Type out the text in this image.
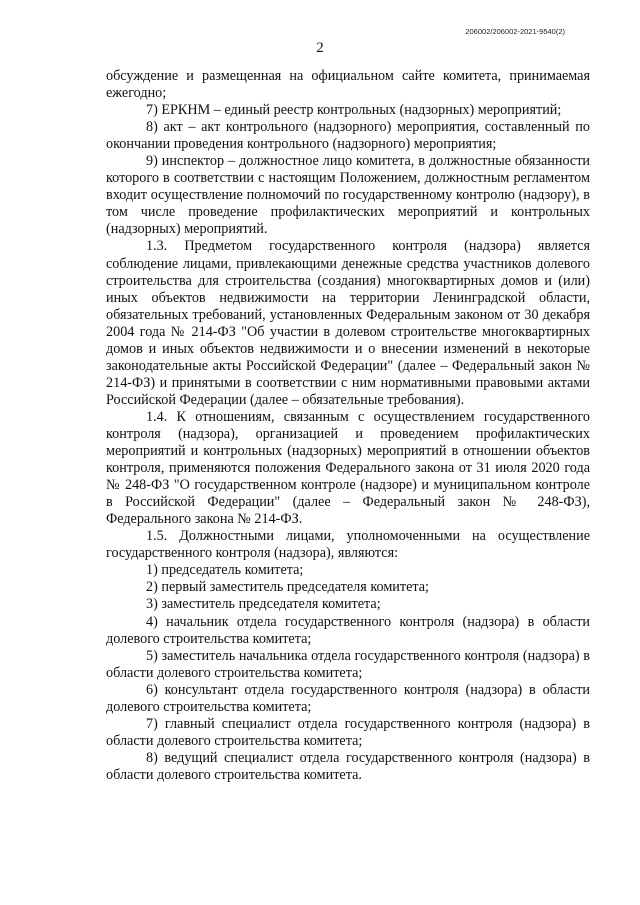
206002/206002-2021-9540(2)
2

обсуждение и размещенная на официальном сайте комитета, принимаемая ежегодно;

7) ЕРКНМ – единый реестр контрольных (надзорных) мероприятий;

8) акт – акт контрольного (надзорного) мероприятия, составленный по окончании проведения контрольного (надзорного) мероприятия;

9) инспектор – должностное лицо комитета, в должностные обязанности которого в соответствии с настоящим Положением, должностным регламентом входит осуществление полномочий по государственному контролю (надзору), в том числе проведение профилактических мероприятий и контрольных (надзорных) мероприятий.

1.3. Предметом государственного контроля (надзора) является соблюдение лицами, привлекающими денежные средства участников долевого строительства для строительства (создания) многоквартирных домов и (или) иных объектов недвижимости на территории Ленинградской области, обязательных требований, установленных Федеральным законом от 30 декабря 2004 года № 214-ФЗ "Об участии в долевом строительстве многоквартирных домов и иных объектов недвижимости и о внесении изменений в некоторые законодательные акты Российской Федерации" (далее – Федеральный закон № 214-ФЗ) и принятыми в соответствии с ним нормативными правовыми актами Российской Федерации (далее – обязательные требования).

1.4. К отношениям, связанным с осуществлением государственного контроля (надзора), организацией и проведением профилактических мероприятий и контрольных (надзорных) мероприятий в отношении объектов контроля, применяются положения Федерального закона от 31 июля 2020 года № 248-ФЗ "О государственном контроле (надзоре) и муниципальном контроле в Российской Федерации" (далее – Федеральный закон № 248-ФЗ), Федерального закона № 214-ФЗ.

1.5. Должностными лицами, уполномоченными на осуществление государственного контроля (надзора), являются:

1) председатель комитета;

2) первый заместитель председателя комитета;

3) заместитель председателя комитета;

4) начальник отдела государственного контроля (надзора) в области долевого строительства комитета;

5) заместитель начальника отдела государственного контроля (надзора) в области долевого строительства комитета;

6) консультант отдела государственного контроля (надзора) в области долевого строительства комитета;

7) главный специалист отдела государственного контроля (надзора) в области долевого строительства комитета;

8) ведущий специалист отдела государственного контроля (надзора) в области долевого строительства комитета.
